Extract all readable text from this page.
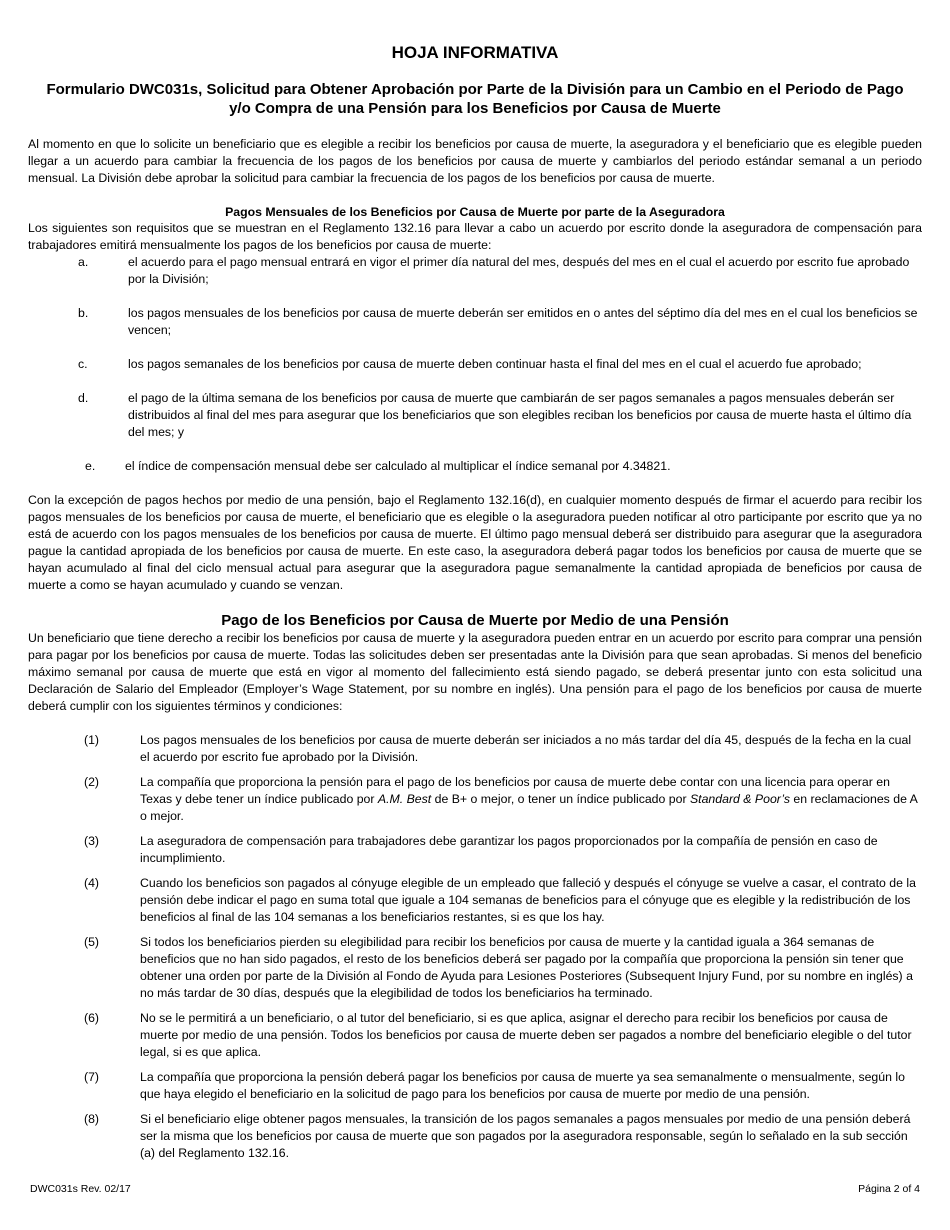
HOJA INFORMATIVA
Formulario DWC031s, Solicitud para Obtener Aprobación por Parte de la División para un Cambio en el Periodo de Pago y/o Compra de una Pensión para los Beneficios por Causa de Muerte

Al momento en que lo solicite un beneficiario que es elegible a recibir los beneficios por causa de muerte, la aseguradora y el beneficiario que es elegible pueden llegar a un acuerdo para cambiar la frecuencia de los pagos de los beneficios por causa de muerte y cambiarlos del periodo estándar semanal a un periodo mensual. La División debe aprobar la solicitud para cambiar la frecuencia de los pagos de los beneficios por causa de muerte.

Pagos Mensuales de los Beneficios por Causa de Muerte por parte de la Aseguradora

Los siguientes son requisitos que se muestran en el Reglamento 132.16 para llevar a cabo un acuerdo por escrito donde la aseguradora de compensación para trabajadores emitirá mensualmente los pagos de los beneficios por causa de muerte:

a.	el acuerdo para el pago mensual entrará en vigor el primer día natural del mes, después del mes en el cual el acuerdo por escrito fue aprobado por la División;
b.	los pagos mensuales de los beneficios por causa de muerte deberán ser emitidos en o antes del séptimo día del mes en el cual los beneficios se vencen;
c.	los pagos semanales de los beneficios por causa de muerte deben continuar hasta el final del mes en el cual el acuerdo fue aprobado;
d.	el pago de la última semana de los beneficios por causa de muerte que cambiarán de ser pagos semanales a pagos mensuales deberán ser distribuidos al final del mes para asegurar que los beneficiarios que son elegibles reciban los beneficios por causa de muerte hasta el último día del mes; y
e.	el índice de compensación mensual debe ser calculado al multiplicar el índice semanal por 4.34821.

Con la excepción de pagos hechos por medio de una pensión, bajo el Reglamento 132.16(d), en cualquier momento después de firmar el acuerdo para recibir los pagos mensuales de los beneficios por causa de muerte, el beneficiario que es elegible o la aseguradora pueden notificar al otro participante por escrito que ya no está de acuerdo con los pagos mensuales de los beneficios por causa de muerte. El último pago mensual deberá ser distribuido para asegurar que la aseguradora pague la cantidad apropiada de los beneficios por causa de muerte. En este caso, la aseguradora deberá pagar todos los beneficios por causa de muerte que se hayan acumulado al final del ciclo mensual actual para asegurar que la aseguradora pague semanalmente la cantidad apropiada de beneficios por causa de muerte a como se hayan acumulado y cuando se venzan.

Pago de los Beneficios por Causa de Muerte por Medio de una Pensión

Un beneficiario que tiene derecho a recibir los beneficios por causa de muerte y la aseguradora pueden entrar en un acuerdo por escrito para comprar una pensión para pagar por los beneficios por causa de muerte. Todas las solicitudes deben ser presentadas ante la División para que sean aprobadas. Si menos del beneficio máximo semanal por causa de muerte que está en vigor al momento del fallecimiento está siendo pagado, se deberá presentar junto con esta solicitud una Declaración de Salario del Empleador (Employer’s Wage Statement, por su nombre en inglés). Una pensión para el pago de los beneficios por causa de muerte deberá cumplir con los siguientes términos y condiciones:

(1)	Los pagos mensuales de los beneficios por causa de muerte deberán ser iniciados a no más tardar del día 45, después de la fecha en la cual el acuerdo por escrito fue aprobado por la División.
(2)	La compañía que proporciona la pensión para el pago de los beneficios por causa de muerte debe contar con una licencia para operar en Texas y debe tener un índice publicado por A.M. Best de B+ o mejor, o tener un índice publicado por Standard & Poor’s en reclamaciones de A o mejor.
(3)	La aseguradora de compensación para trabajadores debe garantizar los pagos proporcionados por la compañía de pensión en caso de incumplimiento.
(4)	Cuando los beneficios son pagados al cónyuge elegible de un empleado que falleció y después el cónyuge se vuelve a casar, el contrato de la pensión debe indicar el pago en suma total que iguale a 104 semanas de beneficios para el cónyuge que es elegible y la redistribución de los beneficios al final de las 104 semanas a los beneficiarios restantes, si es que los hay.
(5)	Si todos los beneficiarios pierden su elegibilidad para recibir los beneficios por causa de muerte y la cantidad iguala a 364 semanas de beneficios que no han sido pagados, el resto de los beneficios deberá ser pagado por la compañía que proporciona la pensión sin tener que obtener una orden por parte de la División al Fondo de Ayuda para Lesiones Posteriores (Subsequent Injury Fund, por su nombre en inglés) a no más tardar de 30 días, después que la elegibilidad de todos los beneficiarios ha terminado.
(6)	No se le permitirá a un beneficiario, o al tutor del beneficiario, si es que aplica, asignar el derecho para recibir los beneficios por causa de muerte por medio de una pensión. Todos los beneficios por causa de muerte deben ser pagados a nombre del beneficiario elegible o del tutor legal, si es que aplica.
(7)	La compañía que proporciona la pensión deberá pagar los beneficios por causa de muerte ya sea semanalmente o mensualmente, según lo que haya elegido el beneficiario en la solicitud de pago para los beneficios por causa de muerte por medio de una pensión.
(8)	Si el beneficiario elige obtener pagos mensuales, la transición de los pagos semanales a pagos mensuales por medio de una pensión deberá ser la misma que los beneficios por causa de muerte que son pagados por la aseguradora responsable, según lo señalado en la sub sección (a) del Reglamento 132.16.
DWC031s Rev. 02/17	Página 2 of 4
